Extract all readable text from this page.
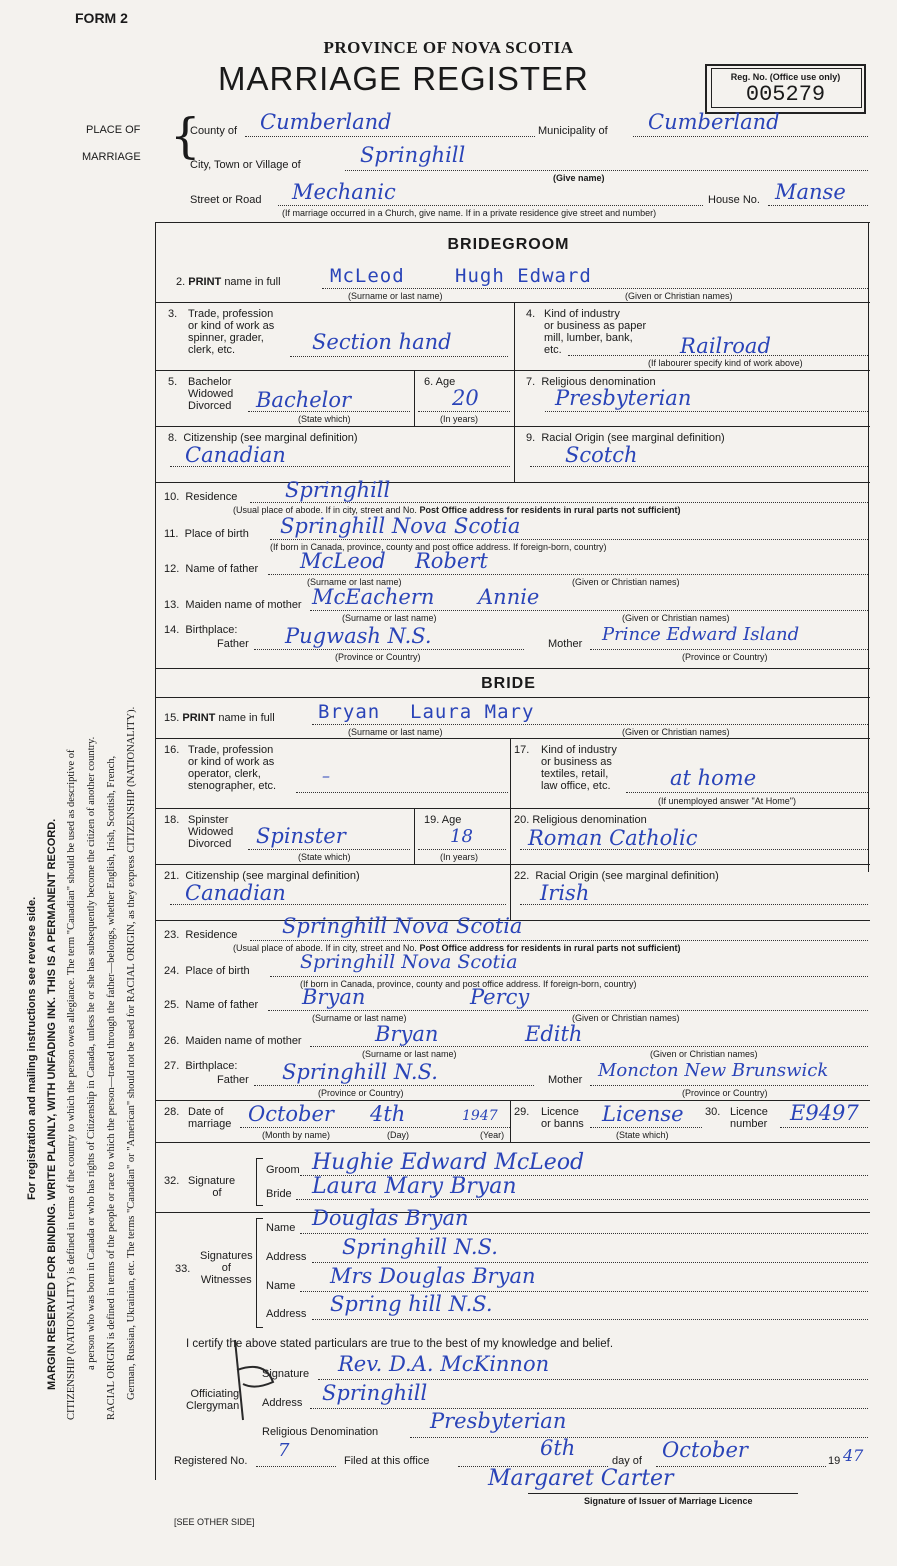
For registration and mailing instructions see reverse side. MARGIN RESERVED FOR BINDING. WRITE PLAINLY, WITH UNFADING INK. THIS IS A PERMANENT RECORD. CITIZENSHIP (NATIONALITY) is defined in terms of the country to which the person owes allegiance. The term "Canadian" should be used as descriptive of a person who was born in Canada or who has rights of Citizenship in Canada, unless he or she has subsequently become the citizen of another country. RACIAL ORIGIN is defined in terms of the people or race to which the person—traced through the father—belongs, whether English, Irish, Scottish, French, German, Russian, Ukrainian, etc. The terms "Canadian" or "American" should not be used for RACIAL ORIGIN, as they express CITIZENSHIP (NATIONALITY).
FORM 2
PROVINCE OF NOVA SCOTIA
MARRIAGE REGISTER	Reg. No. (Office use only)
005279
PLACE OF
MARRIAGE {
County of Cumberland	Municipality of Cumberland
City, Town or Village of	Springhill
(Give name)
Street or Road Mechanic	House No. Manse
(If marriage occurred in a Church, give name. If in a private residence give street and number)
BRIDEGROOM
2. PRINT name in full	McLeod	Hugh Edward
(Surname or last name)	(Given or Christian names)
3. Trade, profession
or kind of work as
spinner, grader,
clerk, etc.	Section hand
4. Kind of industry
or business as paper
mill, lumber, bank,
etc.	Railroad
(If labourer specify kind of work above)
5. Bachelor
Widowed
Divorced Bachelor
(State which)
6. Age
20
(In years)
7. Religious denomination
Presbyterian
8. Citizenship (see marginal definition)
Canadian
9. Racial Origin (see marginal definition)
Scotch
10. Residence Springhill
(Usual place of abode. If in city, street and No. Post Office address for residents in rural parts not sufficient)
11. Place of birth Springhill Nova Scotia
(If born in Canada, province, county and post office address. If foreign-born, country)
12. Name of father McLeod Robert
(Surname or last name)	(Given or Christian names)
13. Maiden name of mother McEachern Annie
(Surname or last name)	(Given or Christian names)
14. Birthplace:
Father Pugwash N.S.	Mother Prince Edward Island
(Province or Country)	(Province or Country)
BRIDE
15. PRINT name in full Bryan Laura Mary
(Surname or last name)	(Given or Christian names)
16. Trade, profession
or kind of work as
operator, clerk,
stenographer, etc.
–
17. Kind of industry
or business as
textiles, retail,
law office, etc.	at home
(If unemployed answer "At Home")
18. Spinster
Widowed
Divorced Spinster
(State which)
19. Age
18
(In years)
20. Religious denomination
Roman Catholic
21. Citizenship (see marginal definition)
Canadian
22. Racial Origin (see marginal definition)
Irish
23. Residence Springhill Nova Scotia
(Usual place of abode. If in city, street and No. Post Office address for residents in rural parts not sufficient)
24. Place of birth	Springhill Nova Scotia
(If born in Canada, province, county and post office address. If foreign-born, country)
25. Name of father Bryan	Percy
(Surname or last name)	(Given or Christian names)
26. Maiden name of mother	Bryan	Edith
(Surname or last name)	(Given or Christian names)
27. Birthplace:
Father Springhill N.S.	Mother Moncton New Brunswick
(Province or Country)	(Province or Country)
28. Date of
marriage October 4th	1947
(Month by name)	(Day)	(Year)
29. Licence
or banns License
(State which)
30. Licence
number E9497
32. Signature
of
Groom Hughie Edward McLeod
Bride Laura Mary Bryan
33.
Signatures
of
Witnesses
Name Douglas Bryan
Address Springhill N.S.
Name Mrs Douglas Bryan
Address Spring hill N.S.
I certify the above stated particulars are true to the best of my knowledge and belief.
Signature Rev. D.A. McKinnon
Officiating
Clergyman Address Springhill
Religious Denomination Presbyterian
Registered No. 7	Filed at this office
6th
day of October	19 47
Margaret Carter
Signature of Issuer of Marriage Licence
[SEE OTHER SIDE]
